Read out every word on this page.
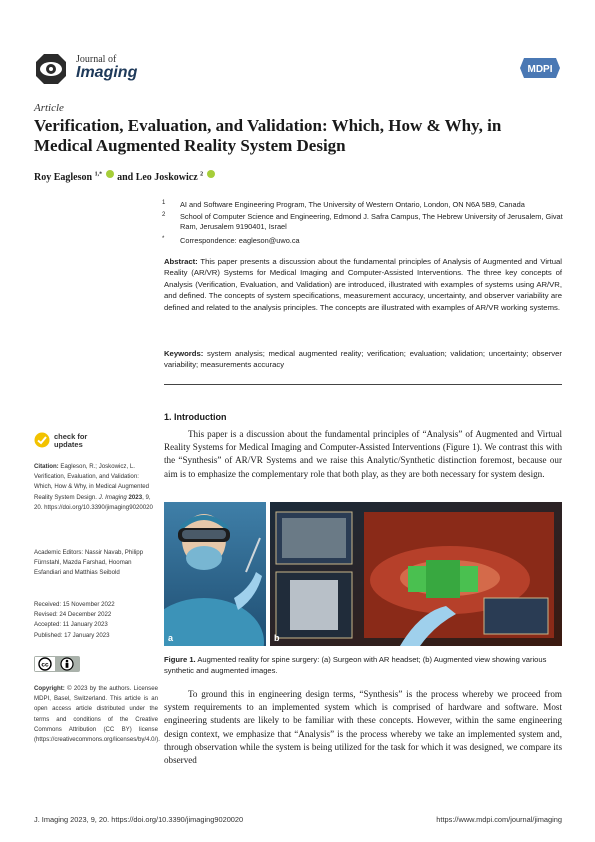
Journal of
Imaging	MDPI
Article
Verification, Evaluation, and Validation: Which, How & Why, in Medical Augmented Reality System Design
Roy Eagleson $^{1,*}$ and Leo Joskowicz $^2$
1	AI and Software Engineering Program, The University of Western Ontario, London, ON N6A 5B9, Canada
2	School of Computer Science and Engineering, Edmond J. Safra Campus, The Hebrew University of Jerusalem, Givat Ram, Jerusalem 9190401, Israel
*	Correspondence: eagleson@uwo.ca
Abstract: This paper presents a discussion about the fundamental principles of Analysis of Augmented and Virtual Reality (AR/VR) Systems for Medical Imaging and Computer-Assisted Interventions. The three key concepts of Analysis (Verification, Evaluation, and Validation) are introduced, illustrated with examples of systems using AR/VR, and defined. The concepts of system specifications, measurement accuracy, uncertainty, and observer variability are defined and related to the analysis principles. The concepts are illustrated with examples of AR/VR working systems.
Keywords: system analysis; medical augmented reality; verification; evaluation; validation; uncertainty; observer variability; measurements accuracy
check for
updates
Citation: Eagleson, R.; Joskowicz, L. Verification, Evaluation, and Validation: Which, How & Why, in Medical Augmented Reality System Design. J. Imaging 2023, 9, 20. https://doi.org/10.3390/jimaging9020020
Academic Editors: Nassir Navab, Philipp Fürnstahl, Mazda Farshad, Hooman Esfandiari and Matthias Seibold
Received: 15 November 2022
Revised: 24 December 2022
Accepted: 11 January 2023
Published: 17 January 2023
cc
Copyright: © 2023 by the authors. Licensee MDPI, Basel, Switzerland. This article is an open access article distributed under the terms and conditions of the Creative Commons Attribution (CC BY) license (https://creativecommons.org/licenses/by/4.0/).
1. Introduction
This paper is a discussion about the fundamental principles of “Analysis” of Augmented and Virtual Reality Systems for Medical Imaging and Computer-Assisted Interventions (Figure 1). We contrast this with the “Synthesis” of AR/VR Systems and we raise this Analytic/Synthetic distinction foremost, because our aim is to emphasize the complementary role that both play, as they are both necessary for system design.
a	b
Figure 1. Augmented reality for spine surgery: (a) Surgeon with AR headset; (b) Augmented view showing various synthetic and augmented images.
To ground this in engineering design terms, “Synthesis” is the process whereby we proceed from system requirements to an implemented system which is comprised of hardware and software. Most engineering students are likely to be familiar with these concepts. However, within the same engineering design context, we emphasize that “Analysis” is the process whereby we take an implemented system and, through observation while the system is being utilized for the task for which it was designed, we compare its observed
J. Imaging 2023, 9, 20. https://doi.org/10.3390/jimaging9020020	https://www.mdpi.com/journal/jimaging
